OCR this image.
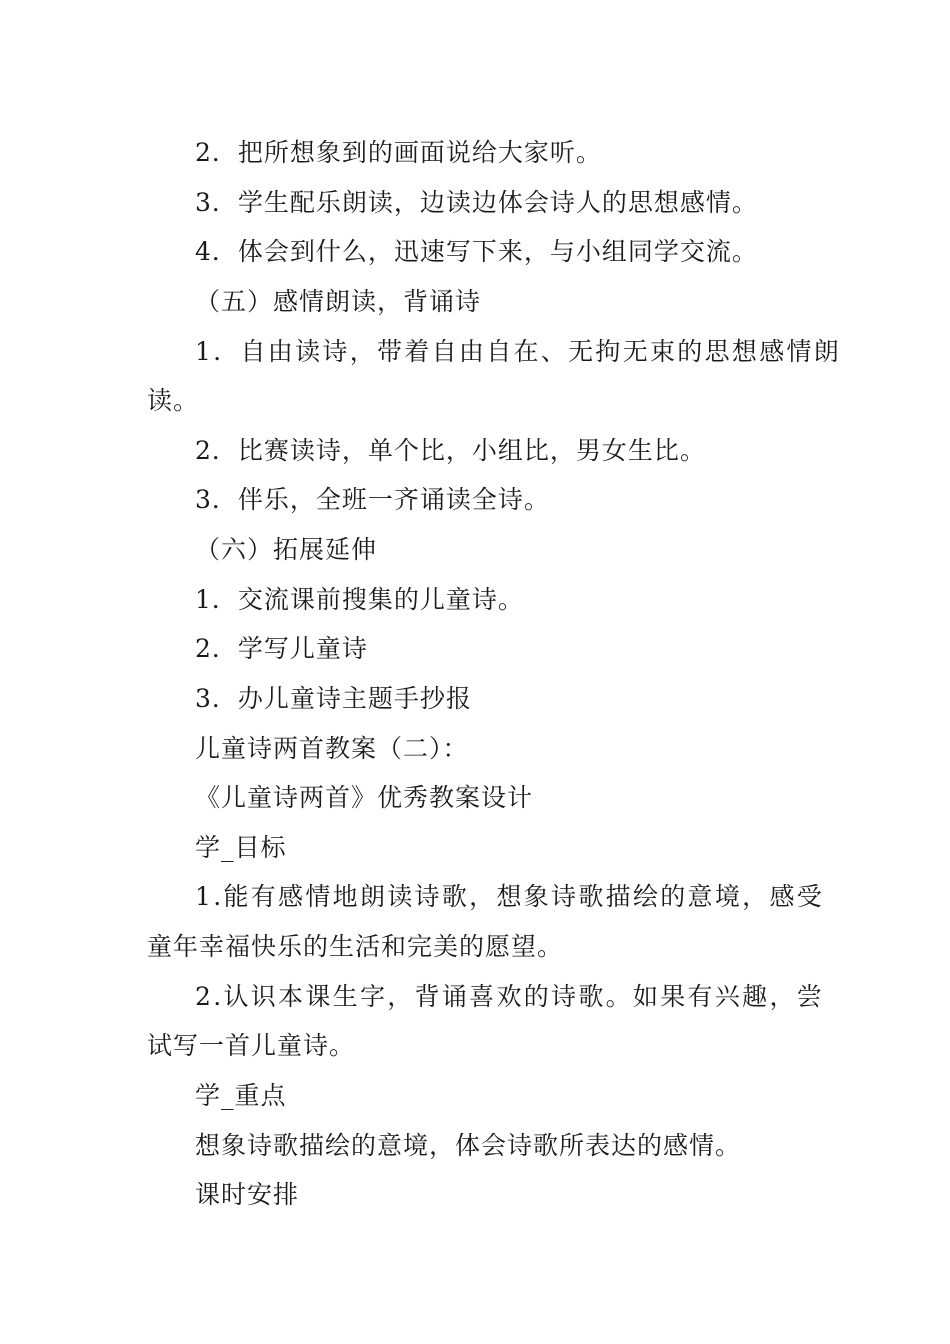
2．把所想象到的画面说给大家听。
3．学生配乐朗读，边读边体会诗人的思想感情。
4．体会到什么，迅速写下来，与小组同学交流。
（五）感情朗读，背诵诗
1．自由读诗，带着自由自在、无拘无束的思想感情朗
读。
2．比赛读诗，单个比，小组比，男女生比。
3．伴乐，全班一齐诵读全诗。
（六）拓展延伸
1．交流课前搜集的儿童诗。
2．学写儿童诗
3．办儿童诗主题手抄报
儿童诗两首教案（二）：
《儿童诗两首》优秀教案设计
学_目标
1.能有感情地朗读诗歌，想象诗歌描绘的意境，感受
童年幸福快乐的生活和完美的愿望。
2.认识本课生字，背诵喜欢的诗歌。如果有兴趣，尝
试写一首儿童诗。
学_重点
想象诗歌描绘的意境，体会诗歌所表达的感情。
课时安排
